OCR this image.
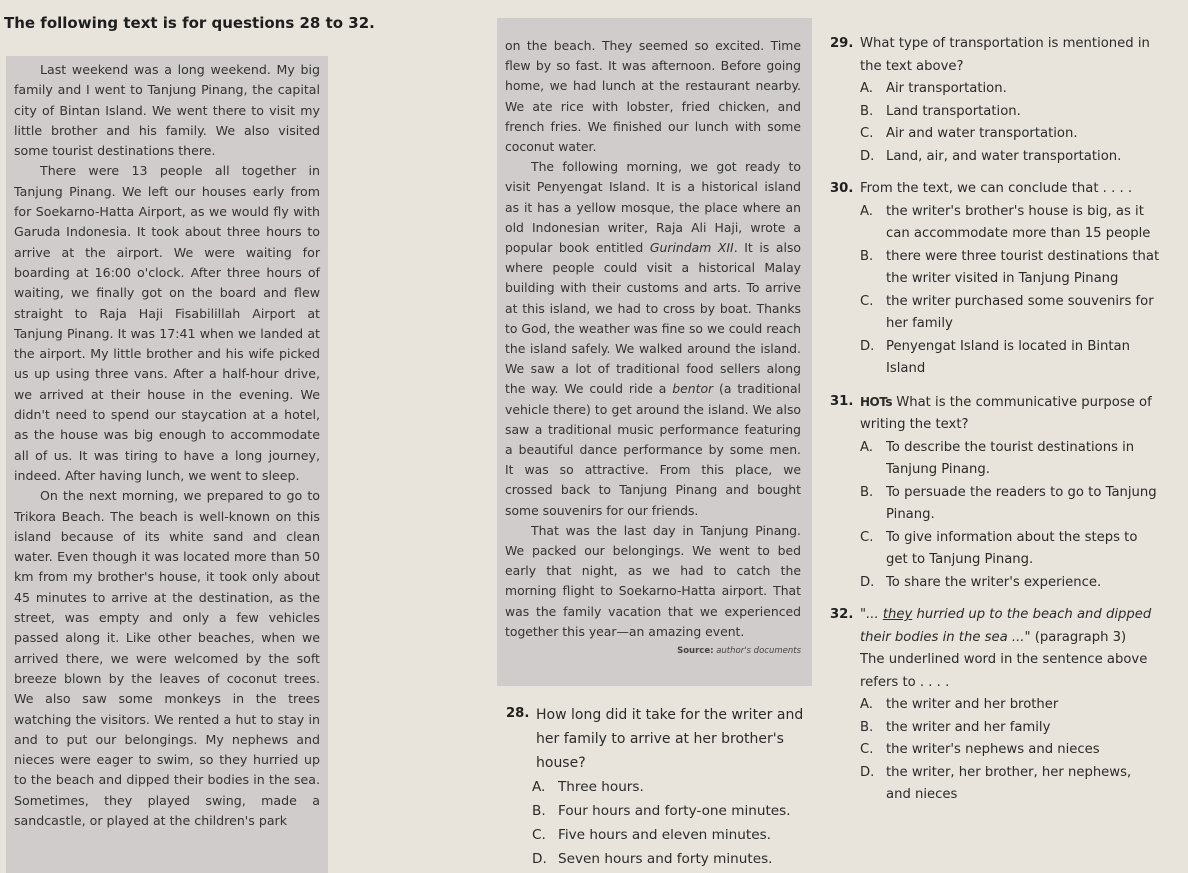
The following text is for questions 28 to 32.

Last weekend was a long weekend. My big family and I went to Tanjung Pinang, the capital city of Bintan Island. We went there to visit my little brother and his family. We also visited some tourist destinations there.

There were 13 people all together in Tanjung Pinang. We left our houses early from for Soekarno-Hatta Airport, as we would fly with Garuda Indonesia. It took about three hours to arrive at the airport. We were waiting for boarding at 16:00 o'clock. After three hours of waiting, we finally got on the board and flew straight to Raja Haji Fisabilillah Airport at Tanjung Pinang. It was 17:41 when we landed at the airport. My little brother and his wife picked us up using three vans. After a half-hour drive, we arrived at their house in the evening. We didn't need to spend our staycation at a hotel, as the house was big enough to accommodate all of us. It was tiring to have a long journey, indeed. After having lunch, we went to sleep.

On the next morning, we prepared to go to Trikora Beach. The beach is well-known on this island because of its white sand and clean water. Even though it was located more than 50 km from my brother's house, it took only about 45 minutes to arrive at the destination, as the street, was empty and only a few vehicles passed along it. Like other beaches, when we arrived there, we were welcomed by the soft breeze blown by the leaves of coconut trees. We also saw some monkeys in the trees watching the visitors. We rented a hut to stay in and to put our belongings. My nephews and nieces were eager to swim, so they hurried up to the beach and dipped their bodies in the sea. Sometimes, they played swing, made a sandcastle, or played at the children's park

on the beach. They seemed so excited. Time flew by so fast. It was afternoon. Before going home, we had lunch at the restaurant nearby. We ate rice with lobster, fried chicken, and french fries. We finished our lunch with some coconut water.

The following morning, we got ready to visit Penyengat Island. It is a historical island as it has a yellow mosque, the place where an old Indonesian writer, Raja Ali Haji, wrote a popular book entitled Gurindam XII. It is also where people could visit a historical Malay building with their customs and arts. To arrive at this island, we had to cross by boat. Thanks to God, the weather was fine so we could reach the island safely. We walked around the island. We saw a lot of traditional food sellers along the way. We could ride a bentor (a traditional vehicle there) to get around the island. We also saw a traditional music performance featuring a beautiful dance performance by some men. It was so attractive. From this place, we crossed back to Tanjung Pinang and bought some souvenirs for our friends.

That was the last day in Tanjung Pinang. We packed our belongings. We went to bed early that night, as we had to catch the morning flight to Soekarno-Hatta airport. That was the family vacation that we experienced together this year—an amazing event.

Source: author's documents
28. How long did it take for the writer and her family to arrive at her brother's house?
A. Three hours.
B. Four hours and forty-one minutes.
C. Five hours and eleven minutes.
D. Seven hours and forty minutes.
29. What type of transportation is mentioned in the text above?
A. Air transportation.
B. Land transportation.
C. Air and water transportation.
D. Land, air, and water transportation.
30. From the text, we can conclude that . . . .
A. the writer's brother's house is big, as it can accommodate more than 15 people
B. there were three tourist destinations that the writer visited in Tanjung Pinang
C. the writer purchased some souvenirs for her family
D. Penyengat Island is located in Bintan Island
31. HOTs What is the communicative purpose of writing the text?
A. To describe the tourist destinations in Tanjung Pinang.
B. To persuade the readers to go to Tanjung Pinang.
C. To give information about the steps to get to Tanjung Pinang.
D. To share the writer's experience.
32. "... they hurried up to the beach and dipped their bodies in the sea ..." (paragraph 3)
The underlined word in the sentence above refers to . . . .
A. the writer and her brother
B. the writer and her family
C. the writer's nephews and nieces
D. the writer, her brother, her nephews, and nieces
